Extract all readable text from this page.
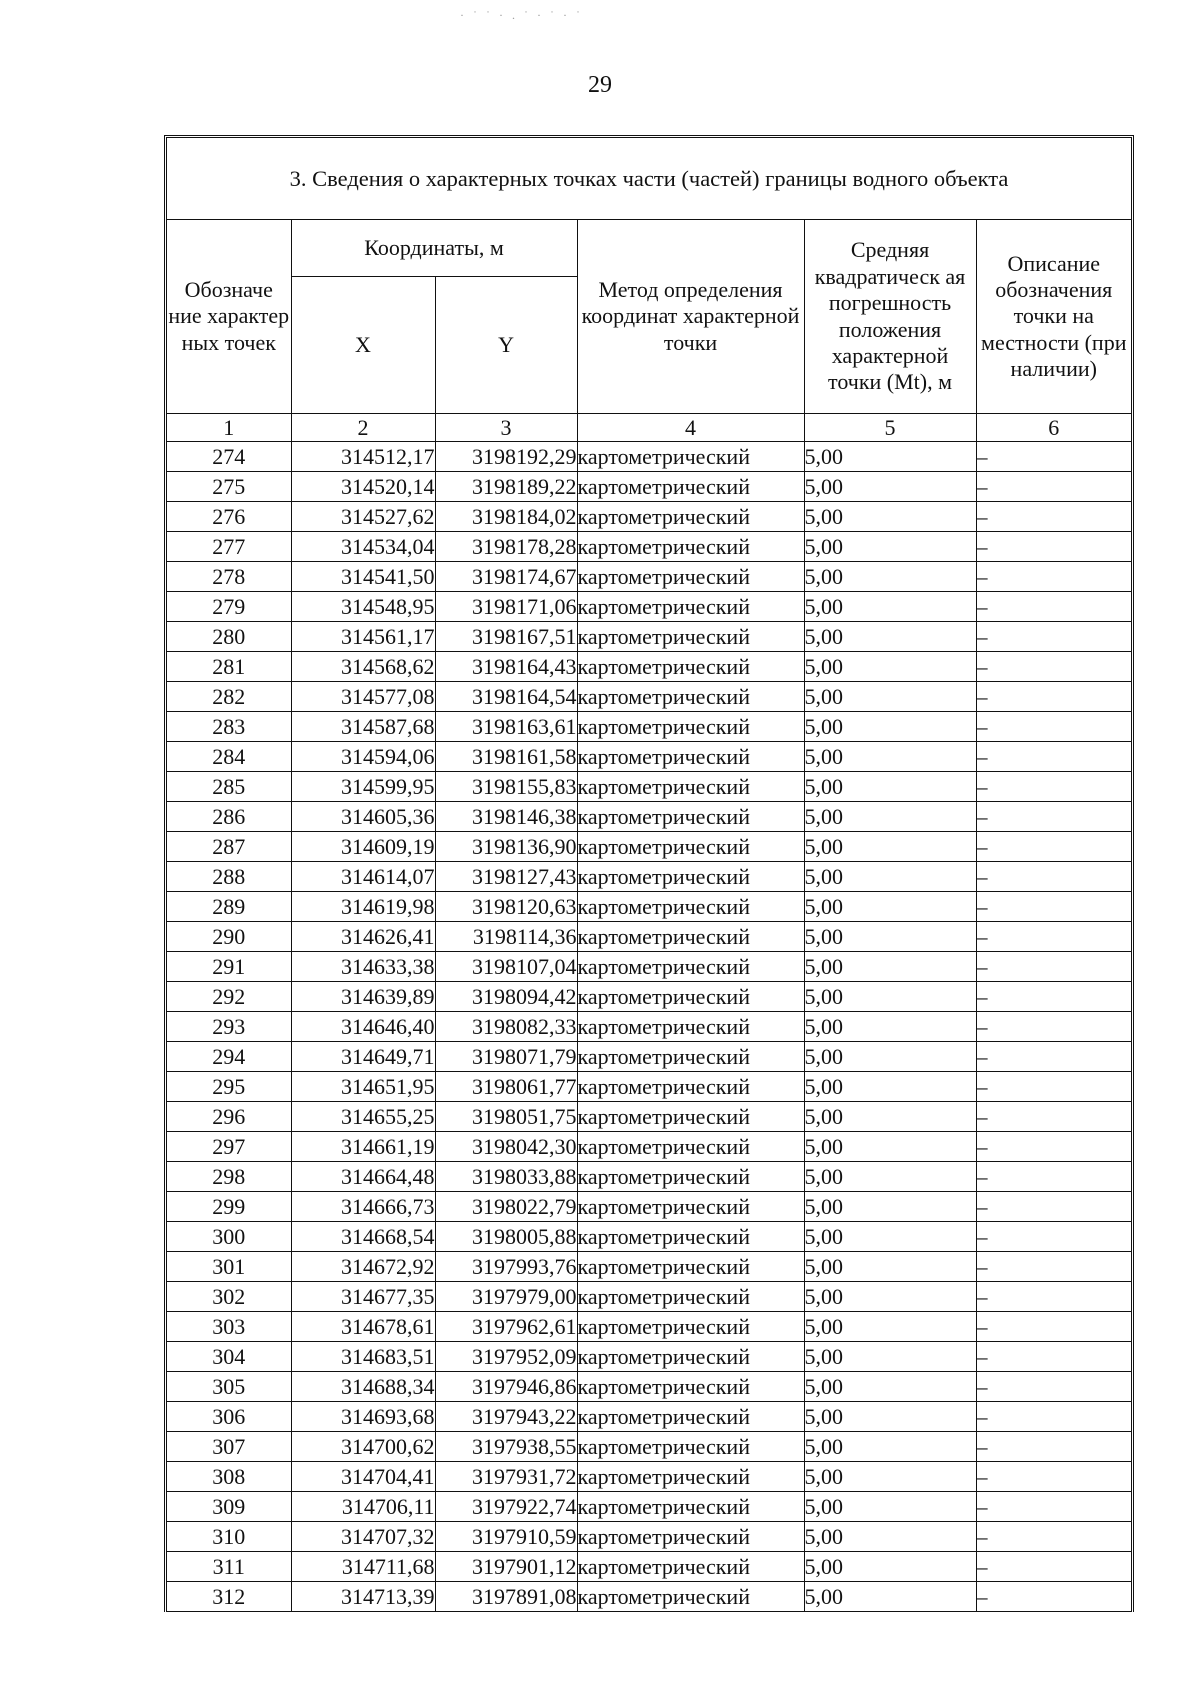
· ˙ ˙ · . ˙ · ˙ · ˙
29
3. Сведения о характерных точках части (частей) границы водного объекта
Обозначе ние характер ных точек	Координаты, м		Метод определения координат характерной точки	Средняя квадратическ ая погрешность положения характерной точки (Mt), м	Описание обозначения точки на местности (при наличии)
	X	Y			
1	2	3	4	5	6
274	314512,17	3198192,29	картометрический	5,00	–
275	314520,14	3198189,22	картометрический	5,00	–
276	314527,62	3198184,02	картометрический	5,00	–
277	314534,04	3198178,28	картометрический	5,00	–
278	314541,50	3198174,67	картометрический	5,00	–
279	314548,95	3198171,06	картометрический	5,00	–
280	314561,17	3198167,51	картометрический	5,00	–
281	314568,62	3198164,43	картометрический	5,00	–
282	314577,08	3198164,54	картометрический	5,00	–
283	314587,68	3198163,61	картометрический	5,00	–
284	314594,06	3198161,58	картометрический	5,00	–
285	314599,95	3198155,83	картометрический	5,00	–
286	314605,36	3198146,38	картометрический	5,00	–
287	314609,19	3198136,90	картометрический	5,00	–
288	314614,07	3198127,43	картометрический	5,00	–
289	314619,98	3198120,63	картометрический	5,00	–
290	314626,41	3198114,36	картометрический	5,00	–
291	314633,38	3198107,04	картометрический	5,00	–
292	314639,89	3198094,42	картометрический	5,00	–
293	314646,40	3198082,33	картометрический	5,00	–
294	314649,71	3198071,79	картометрический	5,00	–
295	314651,95	3198061,77	картометрический	5,00	–
296	314655,25	3198051,75	картометрический	5,00	–
297	314661,19	3198042,30	картометрический	5,00	–
298	314664,48	3198033,88	картометрический	5,00	–
299	314666,73	3198022,79	картометрический	5,00	–
300	314668,54	3198005,88	картометрический	5,00	–
301	314672,92	3197993,76	картометрический	5,00	–
302	314677,35	3197979,00	картометрический	5,00	–
303	314678,61	3197962,61	картометрический	5,00	–
304	314683,51	3197952,09	картометрический	5,00	–
305	314688,34	3197946,86	картометрический	5,00	–
306	314693,68	3197943,22	картометрический	5,00	–
307	314700,62	3197938,55	картометрический	5,00	–
308	314704,41	3197931,72	картометрический	5,00	–
309	314706,11	3197922,74	картометрический	5,00	–
310	314707,32	3197910,59	картометрический	5,00	–
311	314711,68	3197901,12	картометрический	5,00	–
312	314713,39	3197891,08	картометрический	5,00	–
